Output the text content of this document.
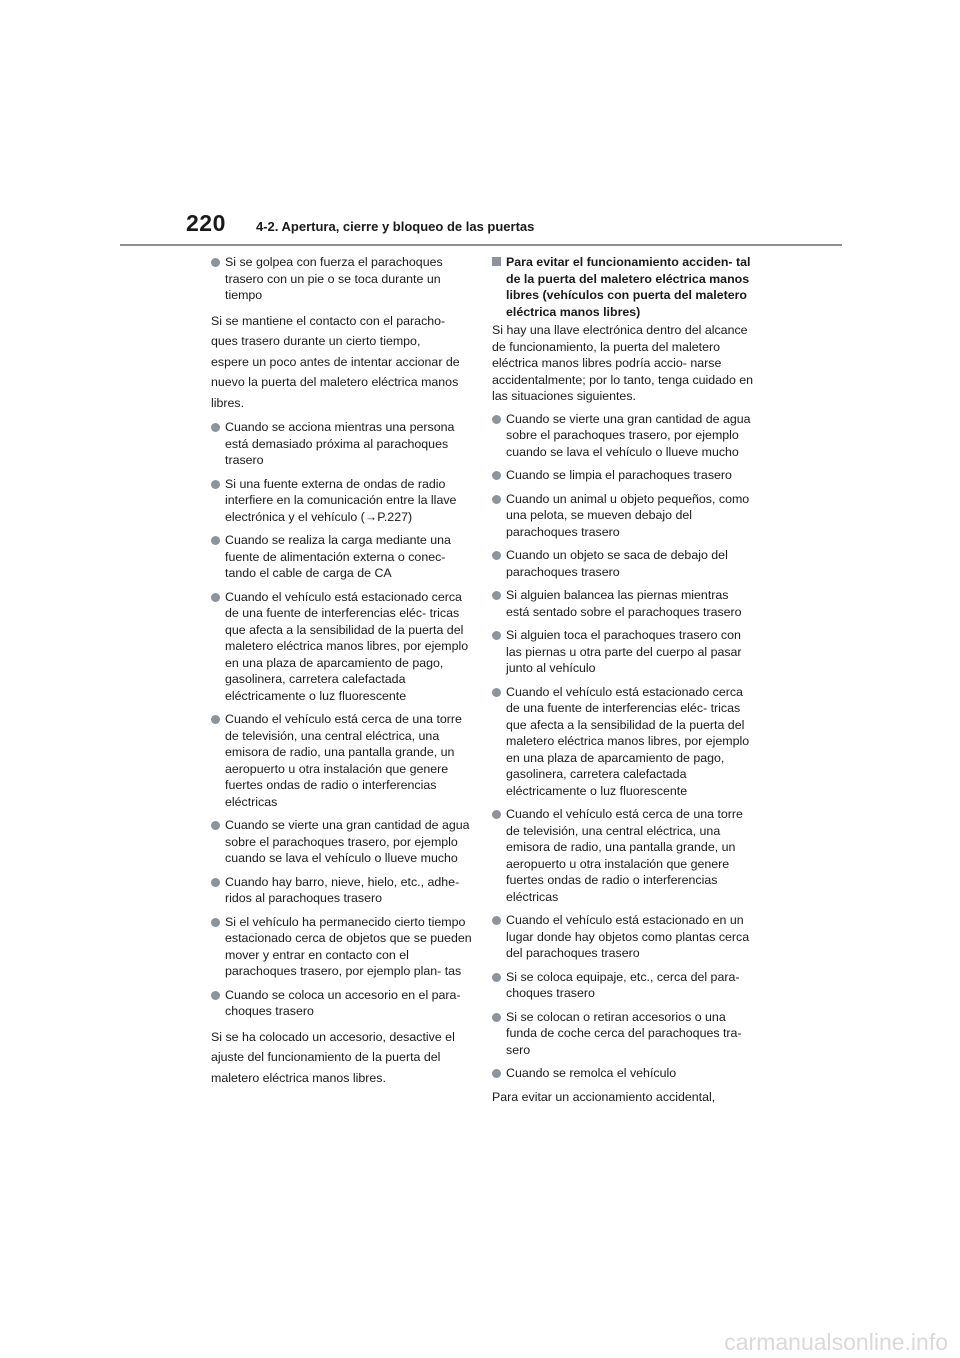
220 4-2. Apertura, cierre y bloqueo de las puertas
Si se golpea con fuerza el parachoques trasero con un pie o se toca durante un tiempo
Si se mantiene el contacto con el paracho-
ques trasero durante un cierto tiempo,
espere un poco antes de intentar accionar de
nuevo la puerta del maletero eléctrica manos
libres.
Cuando se acciona mientras una persona está demasiado próxima al parachoques trasero
Si una fuente externa de ondas de radio interfiere en la comunicación entre la llave electrónica y el vehículo (→P.227)
Cuando se realiza la carga mediante una fuente de alimentación externa o conec- tando el cable de carga de CA
Cuando el vehículo está estacionado cerca de una fuente de interferencias eléc- tricas que afecta a la sensibilidad de la puerta del maletero eléctrica manos libres, por ejemplo en una plaza de aparcamiento de pago, gasolinera, carretera calefactada eléctricamente o luz fluorescente
Cuando el vehículo está cerca de una torre de televisión, una central eléctrica, una emisora de radio, una pantalla grande, un aeropuerto u otra instalación que genere fuertes ondas de radio o interferencias eléctricas
Cuando se vierte una gran cantidad de agua sobre el parachoques trasero, por ejemplo cuando se lava el vehículo o llueve mucho
Cuando hay barro, nieve, hielo, etc., adhe- ridos al parachoques trasero
Si el vehículo ha permanecido cierto tiempo estacionado cerca de objetos que se pueden mover y entrar en contacto con el parachoques trasero, por ejemplo plan- tas
Cuando se coloca un accesorio en el para- choques trasero
Si se ha colocado un accesorio, desactive el
ajuste del funcionamiento de la puerta del
maletero eléctrica manos libres.
Para evitar el funcionamiento acciden- tal de la puerta del maletero eléctrica manos libres (vehículos con puerta del maletero eléctrica manos libres)
Si hay una llave electrónica dentro del alcance de funcionamiento, la puerta del maletero eléctrica manos libres podría accio- narse accidentalmente; por lo tanto, tenga cuidado en las situaciones siguientes.
Cuando se vierte una gran cantidad de agua sobre el parachoques trasero, por ejemplo cuando se lava el vehículo o llueve mucho
Cuando se limpia el parachoques trasero
Cuando un animal u objeto pequeños, como una pelota, se mueven debajo del parachoques trasero
Cuando un objeto se saca de debajo del parachoques trasero
Si alguien balancea las piernas mientras está sentado sobre el parachoques trasero
Si alguien toca el parachoques trasero con las piernas u otra parte del cuerpo al pasar junto al vehículo
Cuando el vehículo está estacionado cerca de una fuente de interferencias eléc- tricas que afecta a la sensibilidad de la puerta del maletero eléctrica manos libres, por ejemplo en una plaza de aparcamiento de pago, gasolinera, carretera calefactada eléctricamente o luz fluorescente
Cuando el vehículo está cerca de una torre de televisión, una central eléctrica, una emisora de radio, una pantalla grande, un aeropuerto u otra instalación que genere fuertes ondas de radio o interferencias eléctricas
Cuando el vehículo está estacionado en un lugar donde hay objetos como plantas cerca del parachoques trasero
Si se coloca equipaje, etc., cerca del para- choques trasero
Si se colocan o retiran accesorios o una funda de coche cerca del parachoques tra- sero
Cuando se remolca el vehículo
Para evitar un accionamiento accidental,
carmanualsonline.info
